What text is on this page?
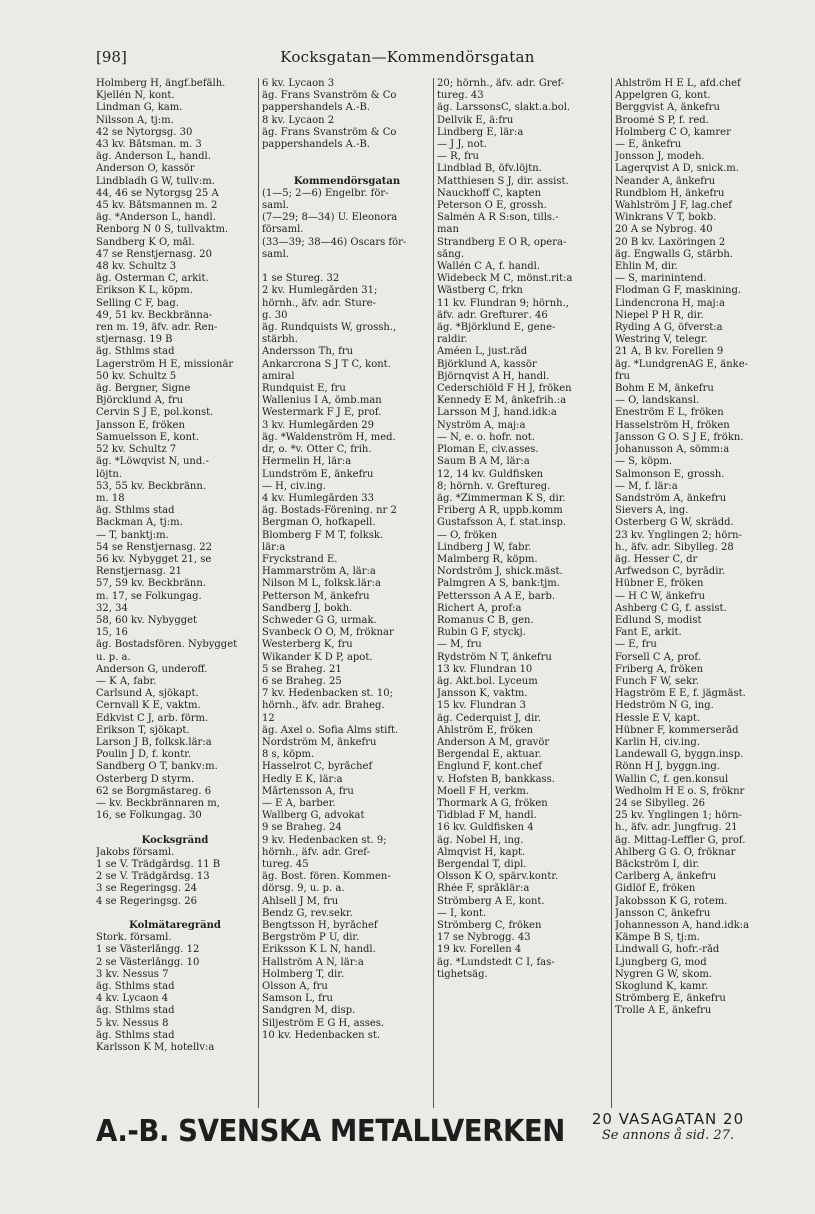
[98]	Kocksgatan—Kommendörsgatan
Holmberg H, ängf.befälh.
Kjellén N, kont.
Lindman G, kam.
Nilsson A, tj:m.
42 se Nytorgsg. 30
43 kv. Båtsman. m. 3
äg. Anderson L, handl.
Anderson O, kassör
Lindbladh G W, tullv:m.
44, 46 se Nytorgsg 25 A
45 kv. Båtsmannen m. 2
äg. *Anderson L, handl.
Renborg N 0 S, tullvaktm.
Sandberg K O, mål.
47 se Renstjernasg. 20
48 kv. Schultz 3
äg. Österman C, arkit.
Erikson K L, köpm.
Selling C F, bag.
49, 51 kv. Beckbränna-
ren m. 19, äfv. adr. Ren-
stjernasg. 19 B
äg. Sthlms stad
Lagerström H E, missionär
50 kv. Schultz 5
äg. Bergner, Signe
Björcklund A, fru
Cervin S J E, pol.konst.
Jansson E, fröken
Samuelsson E, kont.
52 kv. Schultz 7
äg. *Löwqvist N, und.-
löjtn.
53, 55 kv. Beckbränn.
m. 18
äg. Sthlms stad
Backman A, tj:m.
— T, banktj:m.
54 se Renstjernasg. 22
56 kv. Nybygget 21, se
Renstjernasg. 21
57, 59 kv. Beckbränn.
m. 17, se Folkungag.
32, 34
58, 60 kv. Nybygget
15, 16
äg. Bostadsfören. Nybygget
u. p. a.
Anderson G, underoff.
— K A, fabr.
Carlsund A, sjökapt.
Cernvall K E, vaktm.
Edkvist C J, arb. förm.
Erikson T, sjökapt.
Larson J B, folksk.lär:a
Poulin J D, f. kontr.
Sandberg O T, bankv:m.
Österberg D styrm.
62 se Borgmästareg. 6
— kv. Beckbrännaren m,
16, se Folkungag. 30

Kocksgränd
Jakobs församl.
1 se V. Trädgårdsg. 11 B
2 se V. Trädgårdsg. 13
3 se Regeringsg. 24
4 se Regeringsg. 26

Kolmätaregränd
Stork. församl.
1 se Västerlångg. 12
2 se Västerlångg. 10
3 kv. Nessus 7
äg. Sthlms stad
4 kv. Lycaon 4
äg. Sthlms stad
5 kv. Nessus 8
äg. Sthlms stad
Karlsson K M, hotellv:a
6 kv. Lycaon 3
äg. Frans Svanström & Co
pappershandels A.-B.
8 kv. Lycaon 2
äg. Frans Svanström & Co
pappershandels A.-B.

Kommendörsgatan
(1—5; 2—6) Engelbr. för-
saml.
(7—29; 8—34) U. Eleonora
församl.
(33—39; 38—46) Oscars för-
saml.

1 se Stureg. 32
2 kv. Humlegården 31;
hörnh., äfv. adr. Sture-
g. 30
äg. Rundquists W, grossh.,
stärbh.
Andersson Th, fru
Ankarcrona S J T C, kont.
amiral
Rundquist E, fru
Wallenius I A, ömb.man
Westermark F J E, prof.
3 kv. Humlegården 29
äg. *Waldenström H, med.
dr, o. *v. Otter C, frih.
Hermelin H, lär:a
Lundström E, änkefru
— H, civ.ing.
4 kv. Humlegården 33
äg. Bostads-Förening. nr 2
Bergman O, hofkapell.
Blomberg F M T, folksk.
lär:a
Fryckstrand E.
Hammarström A, lär:a
Nilson M L, folksk.lär:a
Petterson M, änkefru
Sandberg J, bokh.
Schweder G G, urmak.
Svanbeck O O, M, fröknar
Westerberg K, fru
Wikander K D P, apot.
5 se Braheg. 21
6 se Braheg. 25
7 kv. Hedenbacken st. 10;
hörnh., äfv. adr. Braheg.
12
äg. Axel o. Sofia Alms stift.
Nordström M, änkefru
8 s, köpm.
Hasselrot C, byråchef
Hedly E K, lär:a
Mårtensson A, fru
— E A, barber.
Wallberg G, advokat
9 se Braheg. 24
9 kv. Hedenbacken st. 9;
hörnh., äfv. adr. Gref-
tureg. 45
äg. Bost. fören. Kommen-
dörsg. 9, u. p. a.
Ahlsell J M, fru
Bendz G, rev.sekr.
Bengtsson H, byråchef
Bergström P U, dir.
Eriksson K L N, handl.
Hallström A N, lär:a
Holmberg T, dir.
Olsson A, fru
Samson L, fru
Sandgren M, disp.
Siljeström E G H, asses.
10 kv. Hedenbacken st.
20; hörnh., äfv. adr. Gref-
tureg. 43
äg. LarssonsC, slakt.a.bol.
Dellvik E, ä:fru
Lindberg E, lär:a
— J J, not.
— R, fru
Lindblad B, öfv.löjtn.
Matthiesen S J, dir. assist.
Nauckhoff C, kapten
Peterson O E, grossh.
Salmén A R S:son, tills.-
man
Strandberg E O R, opera-
sång.
Wallén C A, f. handl.
Widebeck M C, mönst.rit:a
Wästberg C, frkn
11 kv. Flundran 9; hörnh.,
äfv. adr. Grefturег. 46
äg. *Björklund E, gene-
raldir.
Améen L, just.råd
Björklund A, kassör
Björnqvist A H, handl.
Cederschiöld F H J, fröken
Kennedy E M, änkefrih.:a
Larsson M J, hand.idk:a
Nyström A, maj:a
— N, e. o. hofr. not.
Ploman E, civ.asses.
Saum B A M, lär:a
12, 14 kv. Guldfisken
8; hörnh. v. Greftureg.
äg. *Zimmerman K S, dir.
Friberg A R, uppb.komm
Gustafsson A, f. stat.insp.
— O, fröken
Lindberg J W, fabr.
Malmberg R, köpm.
Nordström J, shick.mäst.
Palmgren A S, bank:tjm.
Pettersson A A E, barb.
Richert A, prof:a
Romanus C B, gen.
Rubin G F, styckj.
— M, fru
Rydström N T, änkefru
13 kv. Flundran 10
äg. Akt.bol. Lyceum
Jansson K, vaktm.
15 kv. Flundran 3
äg. Cederquist J, dir.
Ahlström E, fröken
Anderson A M, gravör
Bergendal E, aktuar.
Englund F, kont.chef
v. Hofsten B, bankkass.
Moell F H, verkm.
Thormark A G, fröken
Tidblad F M, handl.
16 kv. Guldfisken 4
äg. Nobel H, ing.
Almqvist H, kapt.
Bergendal T, dipl.
Olsson K O, spärv.kontr.
Rhée F, språklär:a
Strömberg A E, kont.
— I, kont.
Strömberg C, fröken
17 se Nybrogg. 43
19 kv. Forellen 4
äg. *Lundstedt C I, fas-
tighetsäg.
Ahlström H E L, afd.chef
Appelgren G, kont.
Berggvist A, änkefru
Broomé S P, f. red.
Holmberg C O, kamrer
— E, änkefru
Jonsson J, modeh.
Lagerqvist A D, snick.m.
Neander A, änkefru
Rundblom H, änkefru
Wahlström J F, lag.chef
Winkrans V T, bokb.
20 A se Nybrog. 40
20 B kv. Laxöringen 2
äg. Engwalls G, stärbh.
Ehlin M, dir.
— S, marinintend.
Flodman G F, maskining.
Lindencrona H, maj:a
Niepel P H R, dir.
Ryding A G, öfverst:a
Westring V, telegr.
21 A, B kv. Forellen 9
äg. *LundgrenAG E, änke-
fru
Bohm E M, änkefru
— O, landskansl.
Eneström E L, fröken
Hasselström H, fröken
Jansson G O. S J E, frökn.
Johanusson A, sömm:a
— S, köpm.
Salmonson E, grossh.
— M, f. lär:a
Sandström A, änkefru
Sievers A, ing.
Österberg G W, skrädd.
23 kv. Ynglingen 2; hörn-
h., äfv. adr. Sibylleg. 28
äg. Hesser C, dr
Arfwedson C, byrådir.
Hübner E, fröken
— H C W, änkefru
Ashberg C G, f. assist.
Edlund S, modist
Fant E, arkit.
— E, fru
Forsell C A, prof.
Friberg A, fröken
Funch F W, sekr.
Hagström E E, f. jägmäst.
Hedström N G, ing.
Hessle E V, kapt.
Hübner F, kommerseråd
Karlin H, civ.ing.
Landewall G, byggn.insp.
Rönn H J, byggn.ing.
Wallin C, f. gen.konsul
Wedholm H E o. S, fröknr
24 se Sibylleg. 26
25 kv. Ynglingen 1; hörn-
h., äfv. adr. Jungfrug. 21
äg. Mittag-Leffler G, prof.
Ahlberg G G. O, fröknar
Bäckström I, dir.
Carlberg A, änkefru
Gidlöf E, fröken
Jakobsson K G, rotem.
Jansson C, änkefru
Johannesson A, hand.idk:a
Kämpe B S, tj:m.
Lindwall G, hofr.-råd
Ljungberg G, mod
Nygren G W, skom.
Skoglund K, kamr.
Strömberg E, änkefru
Trolle A E, änkefru
A.-B. SVENSKA METALLVERKEN	20 VASAGATAN 20
Se annons å sid. 27.
